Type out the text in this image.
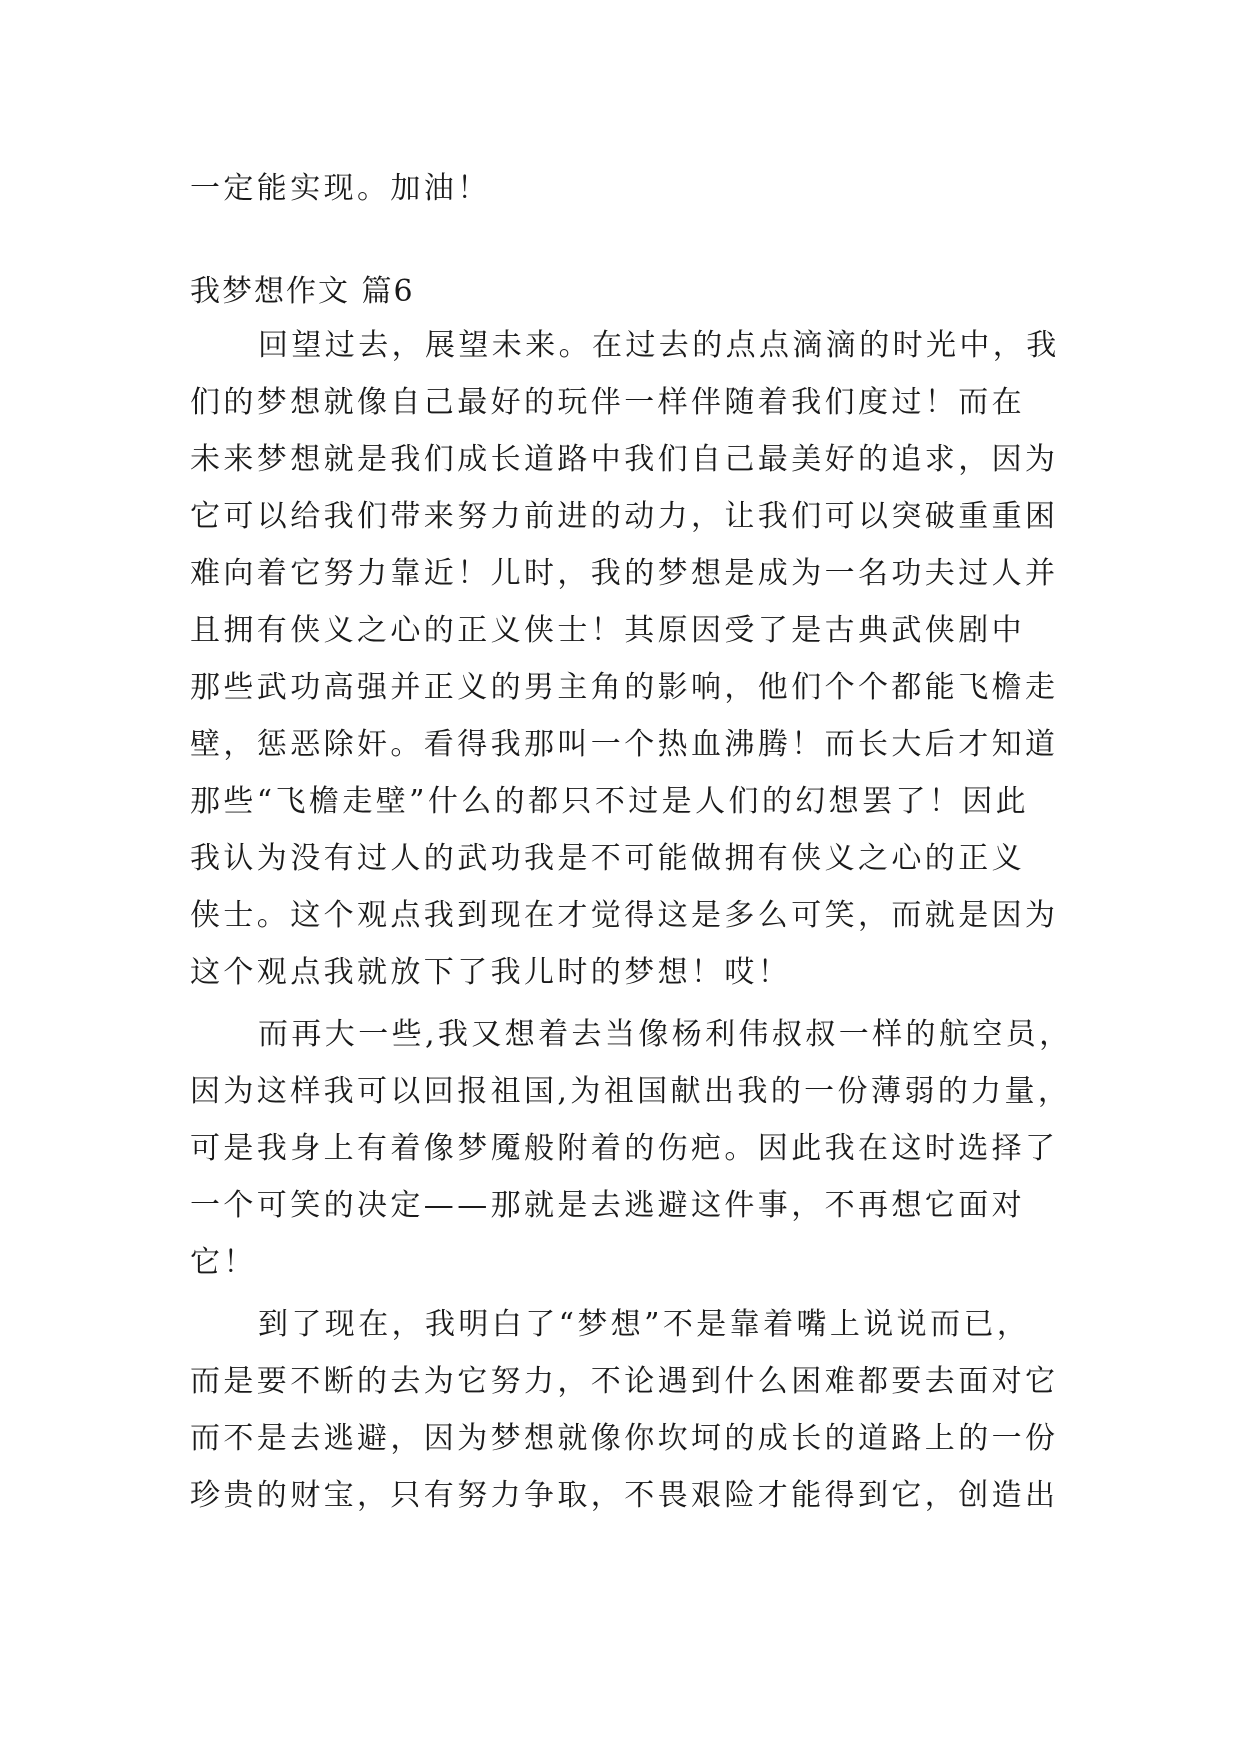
一定能实现。加油！
我梦想作文 篇6
回望过去，展望未来。在过去的点点滴滴的时光中，我
们的梦想就像自己最好的玩伴一样伴随着我们度过！而在
未来梦想就是我们成长道路中我们自己最美好的追求，因为
它可以给我们带来努力前进的动力，让我们可以突破重重困
难向着它努力靠近！儿时，我的梦想是成为一名功夫过人并
且拥有侠义之心的正义侠士！其原因受了是古典武侠剧中
那些武功高强并正义的男主角的影响，他们个个都能飞檐走
壁，惩恶除奸。看得我那叫一个热血沸腾！而长大后才知道
那些“飞檐走壁”什么的都只不过是人们的幻想罢了！因此
我认为没有过人的武功我是不可能做拥有侠义之心的正义
侠士。这个观点我到现在才觉得这是多么可笑，而就是因为
这个观点我就放下了我儿时的梦想！哎！
而再大一些,我又想着去当像杨利伟叔叔一样的航空员，
因为这样我可以回报祖国,为祖国献出我的一份薄弱的力量，
可是我身上有着像梦魇般附着的伤疤。因此我在这时选择了
一个可笑的决定——那就是去逃避这件事，不再想它面对
它！
到了现在，我明白了“梦想”不是靠着嘴上说说而已，
而是要不断的去为它努力，不论遇到什么困难都要去面对它
而不是去逃避，因为梦想就像你坎坷的成长的道路上的一份
珍贵的财宝，只有努力争取，不畏艰险才能得到它，创造出
